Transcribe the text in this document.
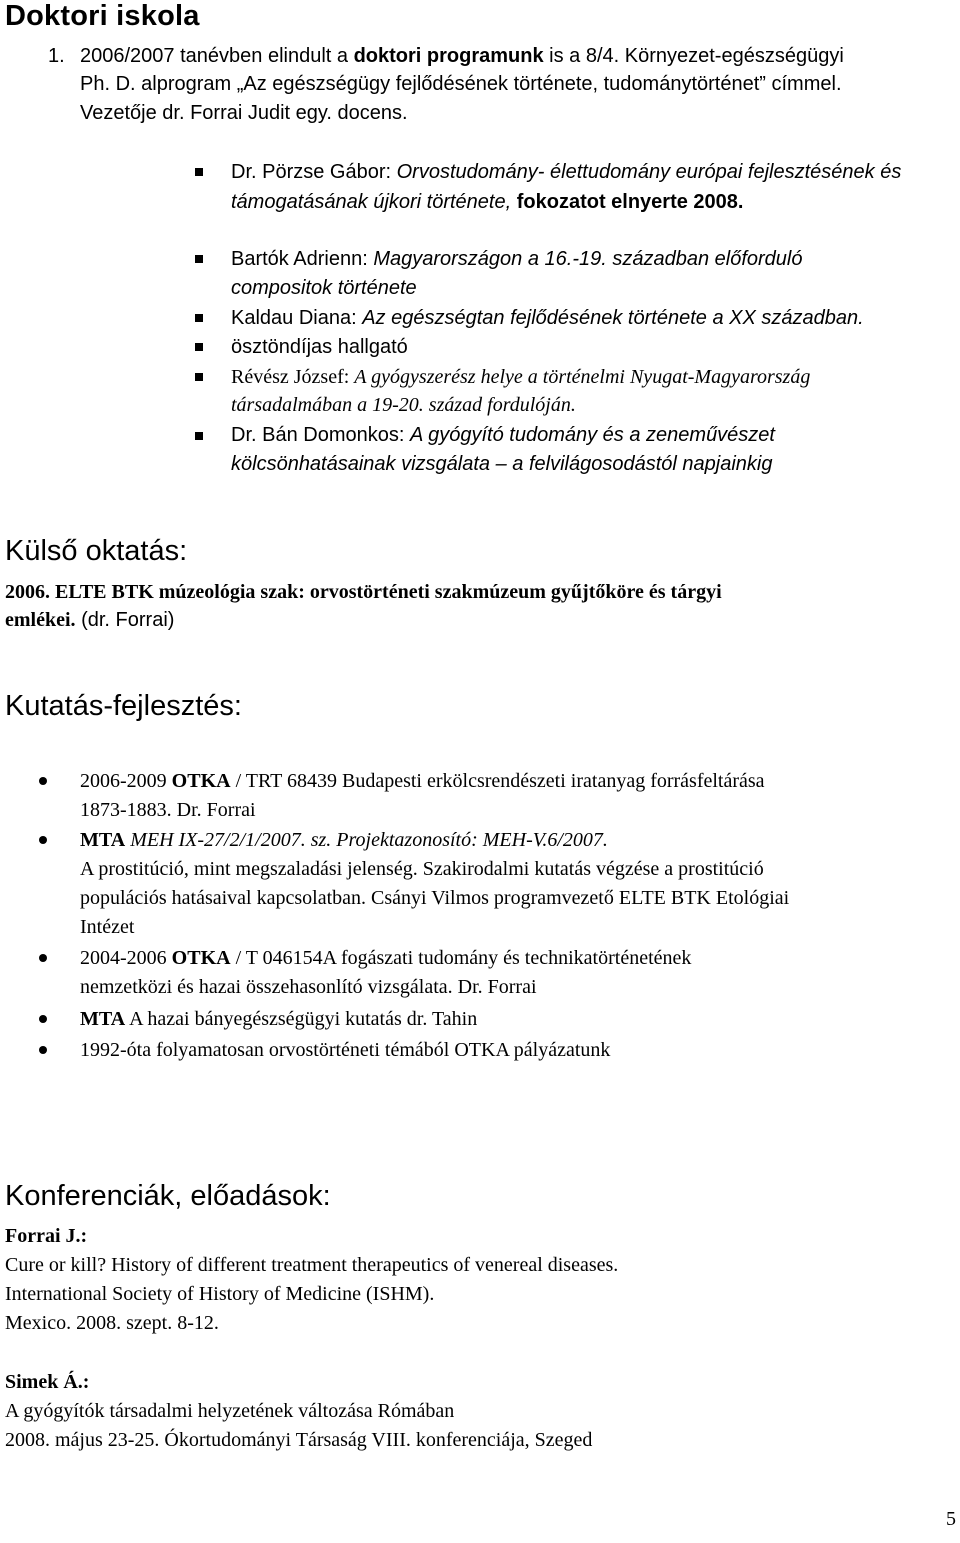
Doktori iskola
1. 2006/2007 tanévben elindult a doktori programunk is a 8/4. Környezet-egészségügyi
Ph. D. alprogram „Az egészségügy fejlődésének története, tudománytörténet” címmel.
Vezetője dr. Forrai Judit egy. docens.
Dr. Pörzse Gábor: Orvostudomány- élettudomány európai fejlesztésének és
támogatásának újkori története, fokozatot elnyerte 2008.
Bartók Adrienn: Magyarországon a 16.-19. században előforduló
compositok története
Kaldau Diana: Az egészségtan fejlődésének története a XX században.
ösztöndíjas hallgató
Révész József: A gyógyszerész helye a történelmi Nyugat-Magyarország
társadalmában a 19-20. század fordulóján.
Dr. Bán Domonkos: A gyógyító tudomány és a zeneművészet
kölcsönhatásainak vizsgálata – a felvilágosodástól napjainkig
Külső oktatás:
2006. ELTE BTK múzeológia szak: orvostörténeti szakmúzeum gyűjtőköre és tárgyi
emlékei. (dr. Forrai)
Kutatás-fejlesztés:
2006-2009 OTKA / TRT 68439 Budapesti erkölcsrendészeti iratanyag forrásfeltárása
1873-1883. Dr. Forrai
MTA MEH IX-27/2/1/2007. sz. Projektazonosító: MEH-V.6/2007.
A prostitúció, mint megszaladási jelenség. Szakirodalmi kutatás végzése a prostitúció
populációs hatásaival kapcsolatban. Csányi Vilmos programvezető ELTE BTK Etológiai
Intézet
2004-2006 OTKA / T 046154A fogászati tudomány és technikatörténetének
nemzetközi és hazai összehasonlító vizsgálata. Dr. Forrai
MTA A hazai bányegészségügyi kutatás dr. Tahin
1992-óta folyamatosan orvostörténeti témából OTKA pályázatunk
Konferenciák, előadások:
Forrai J.:
Cure or kill? History of different treatment therapeutics of venereal diseases.
International Society of History of Medicine (ISHM).
Mexico. 2008. szept. 8-12.
Simek Á.:
A gyógyítók társadalmi helyzetének változása Rómában
2008. május 23-25. Ókortudományi Társaság VIII. konferenciája, Szeged
5
